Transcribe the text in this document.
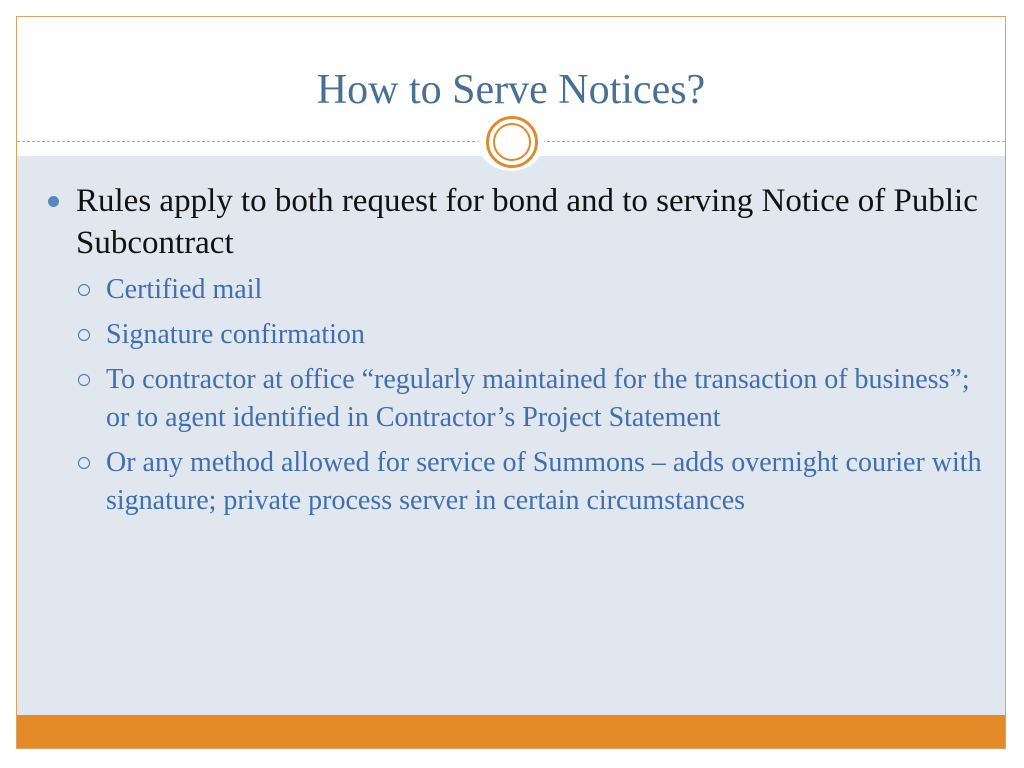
How to Serve Notices?
Rules apply to both request for bond and to serving Notice of Public Subcontract
Certified mail
Signature confirmation
To contractor at office “regularly maintained for the transaction of business”; or to agent identified in Contractor’s Project Statement
Or any method allowed for service of Summons – adds overnight courier with signature; private process server in certain circumstances
